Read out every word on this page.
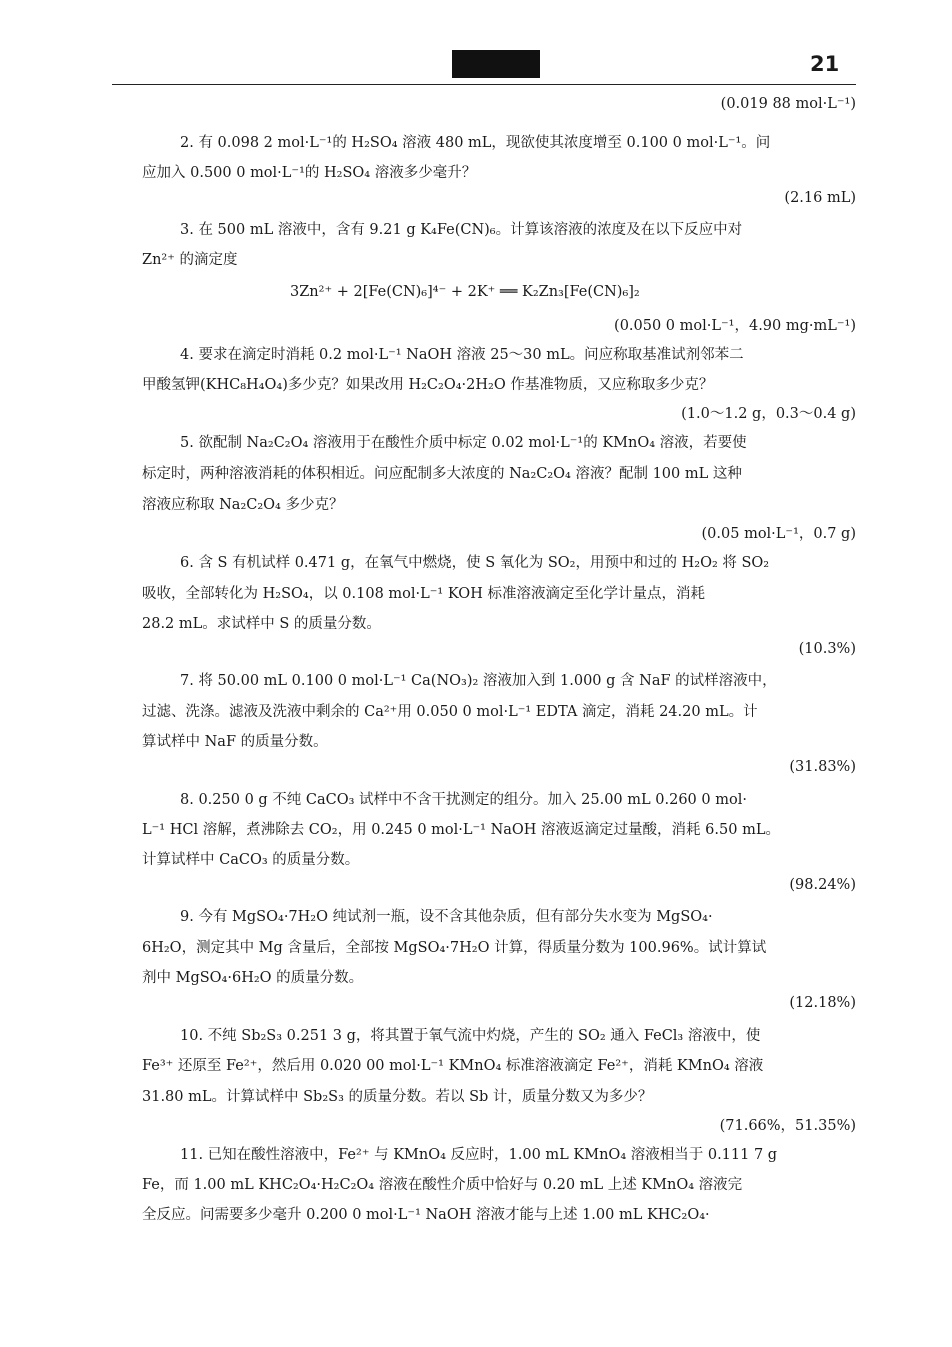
21
(0.019 88 mol·L⁻¹)
2. 有 0.098 2 mol·L⁻¹的 H₂SO₄ 溶液 480 mL，现欲使其浓度增至 0.100 0 mol·L⁻¹。问
应加入 0.500 0 mol·L⁻¹的 H₂SO₄ 溶液多少毫升？
(2.16 mL)
3. 在 500 mL 溶液中，含有 9.21 g K₄Fe(CN)₆。计算该溶液的浓度及在以下反应中对
Zn²⁺ 的滴定度
3Zn²⁺ + 2[Fe(CN)₆]⁴⁻ + 2K⁺ ══ K₂Zn₃[Fe(CN)₆]₂
(0.050 0 mol·L⁻¹，4.90 mg·mL⁻¹)
4. 要求在滴定时消耗 0.2 mol·L⁻¹ NaOH 溶液 25～30 mL。问应称取基准试剂邻苯二
甲酸氢钾(KHC₈H₄O₄)多少克？如果改用 H₂C₂O₄·2H₂O 作基准物质，又应称取多少克？
(1.0～1.2 g，0.3～0.4 g)
5. 欲配制 Na₂C₂O₄ 溶液用于在酸性介质中标定 0.02 mol·L⁻¹的 KMnO₄ 溶液，若要使
标定时，两种溶液消耗的体积相近。问应配制多大浓度的 Na₂C₂O₄ 溶液？配制 100 mL 这种
溶液应称取 Na₂C₂O₄ 多少克？
(0.05 mol·L⁻¹，0.7 g)
6. 含 S 有机试样 0.471 g，在氧气中燃烧，使 S 氧化为 SO₂，用预中和过的 H₂O₂ 将 SO₂
吸收，全部转化为 H₂SO₄，以 0.108 mol·L⁻¹ KOH 标准溶液滴定至化学计量点，消耗
28.2 mL。求试样中 S 的质量分数。
(10.3%)
7. 将 50.00 mL 0.100 0 mol·L⁻¹ Ca(NO₃)₂ 溶液加入到 1.000 g 含 NaF 的试样溶液中，
过滤、洗涤。滤液及洗液中剩余的 Ca²⁺用 0.050 0 mol·L⁻¹ EDTA 滴定，消耗 24.20 mL。计
算试样中 NaF 的质量分数。
(31.83%)
8. 0.250 0 g 不纯 CaCO₃ 试样中不含干扰测定的组分。加入 25.00 mL 0.260 0 mol·
L⁻¹ HCl 溶解，煮沸除去 CO₂，用 0.245 0 mol·L⁻¹ NaOH 溶液返滴定过量酸，消耗 6.50 mL。
计算试样中 CaCO₃ 的质量分数。
(98.24%)
9. 今有 MgSO₄·7H₂O 纯试剂一瓶，设不含其他杂质，但有部分失水变为 MgSO₄·
6H₂O，测定其中 Mg 含量后，全部按 MgSO₄·7H₂O 计算，得质量分数为 100.96%。试计算试
剂中 MgSO₄·6H₂O 的质量分数。
(12.18%)
10. 不纯 Sb₂S₃ 0.251 3 g，将其置于氧气流中灼烧，产生的 SO₂ 通入 FeCl₃ 溶液中，使
Fe³⁺ 还原至 Fe²⁺，然后用 0.020 00 mol·L⁻¹ KMnO₄ 标准溶液滴定 Fe²⁺，消耗 KMnO₄ 溶液
31.80 mL。计算试样中 Sb₂S₃ 的质量分数。若以 Sb 计，质量分数又为多少？
(71.66%，51.35%)
11. 已知在酸性溶液中，Fe²⁺ 与 KMnO₄ 反应时，1.00 mL KMnO₄ 溶液相当于 0.111 7 g
Fe，而 1.00 mL KHC₂O₄·H₂C₂O₄ 溶液在酸性介质中恰好与 0.20 mL 上述 KMnO₄ 溶液完
全反应。问需要多少毫升 0.200 0 mol·L⁻¹ NaOH 溶液才能与上述 1.00 mL KHC₂O₄·
